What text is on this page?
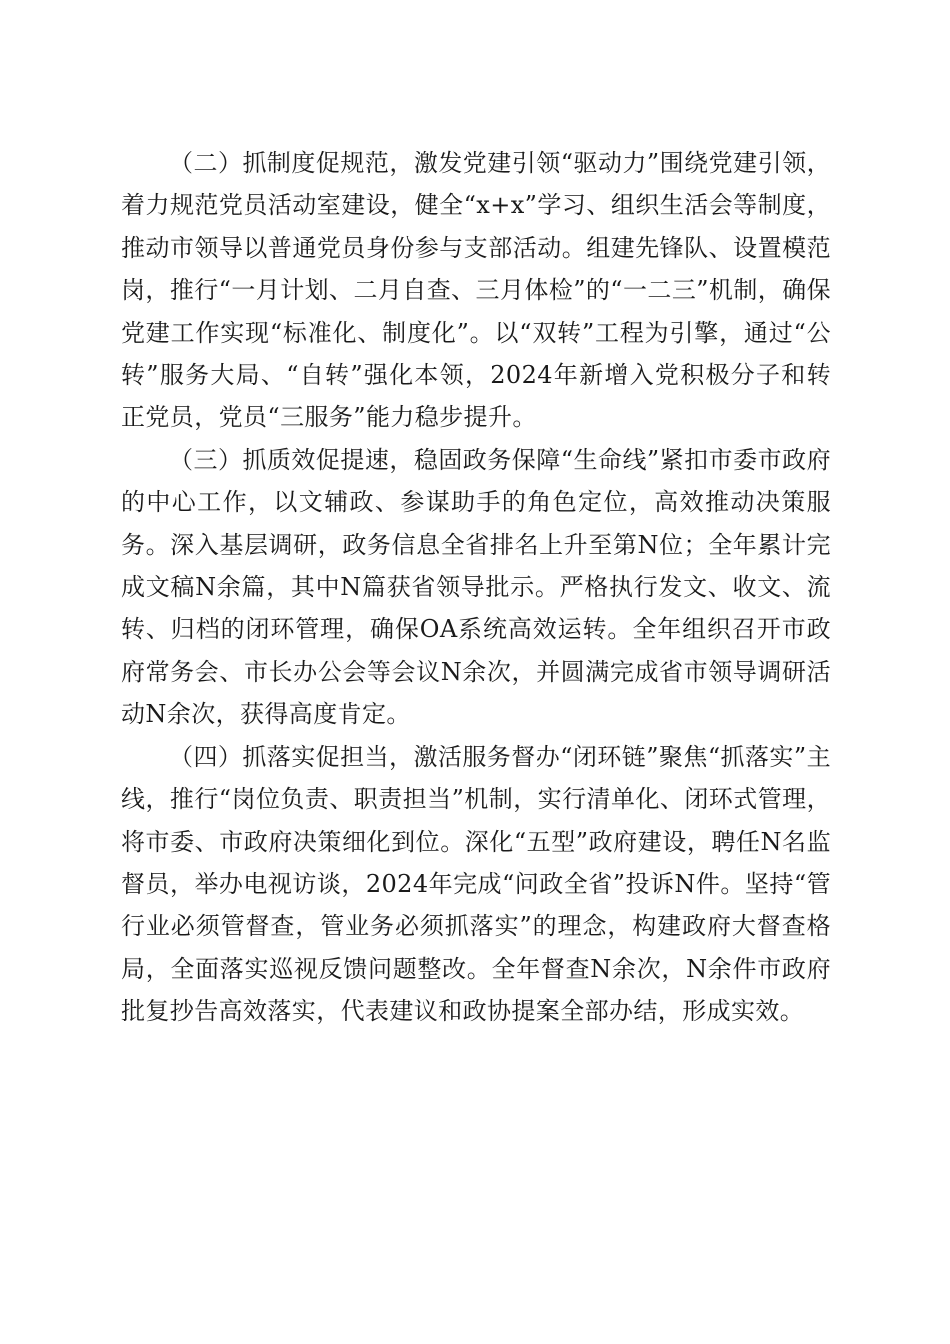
（二）抓制度促规范，激发党建引领“驱动力”围绕党建引领，着力规范党员活动室建设，健全“x+x”学习、组织生活会等制度，推动市领导以普通党员身份参与支部活动。组建先锋队、设置模范岗，推行“一月计划、二月自查、三月体检”的“一二三”机制，确保党建工作实现“标准化、制度化”。以“双转”工程为引擎，通过“公转”服务大局、“自转”强化本领，2024年新增入党积极分子和转正党员，党员“三服务”能力稳步提升。

（三）抓质效促提速，稳固政务保障“生命线”紧扣市委市政府的中心工作，以文辅政、参谋助手的角色定位，高效推动决策服务。深入基层调研，政务信息全省排名上升至第N位；全年累计完成文稿N余篇，其中N篇获省领导批示。严格执行发文、收文、流转、归档的闭环管理，确保OA系统高效运转。全年组织召开市政府常务会、市长办公会等会议N余次，并圆满完成省市领导调研活动N余次，获得高度肯定。

（四）抓落实促担当，激活服务督办“闭环链”聚焦“抓落实”主线，推行“岗位负责、职责担当”机制，实行清单化、闭环式管理，将市委、市政府决策细化到位。深化“五型”政府建设，聘任N名监督员，举办电视访谈，2024年完成“问政全省”投诉N件。坚持“管行业必须管督查，管业务必须抓落实”的理念，构建政府大督查格局，全面落实巡视反馈问题整改。全年督查N余次，N余件市政府批复抄告高效落实，代表建议和政协提案全部办结，形成实效。
